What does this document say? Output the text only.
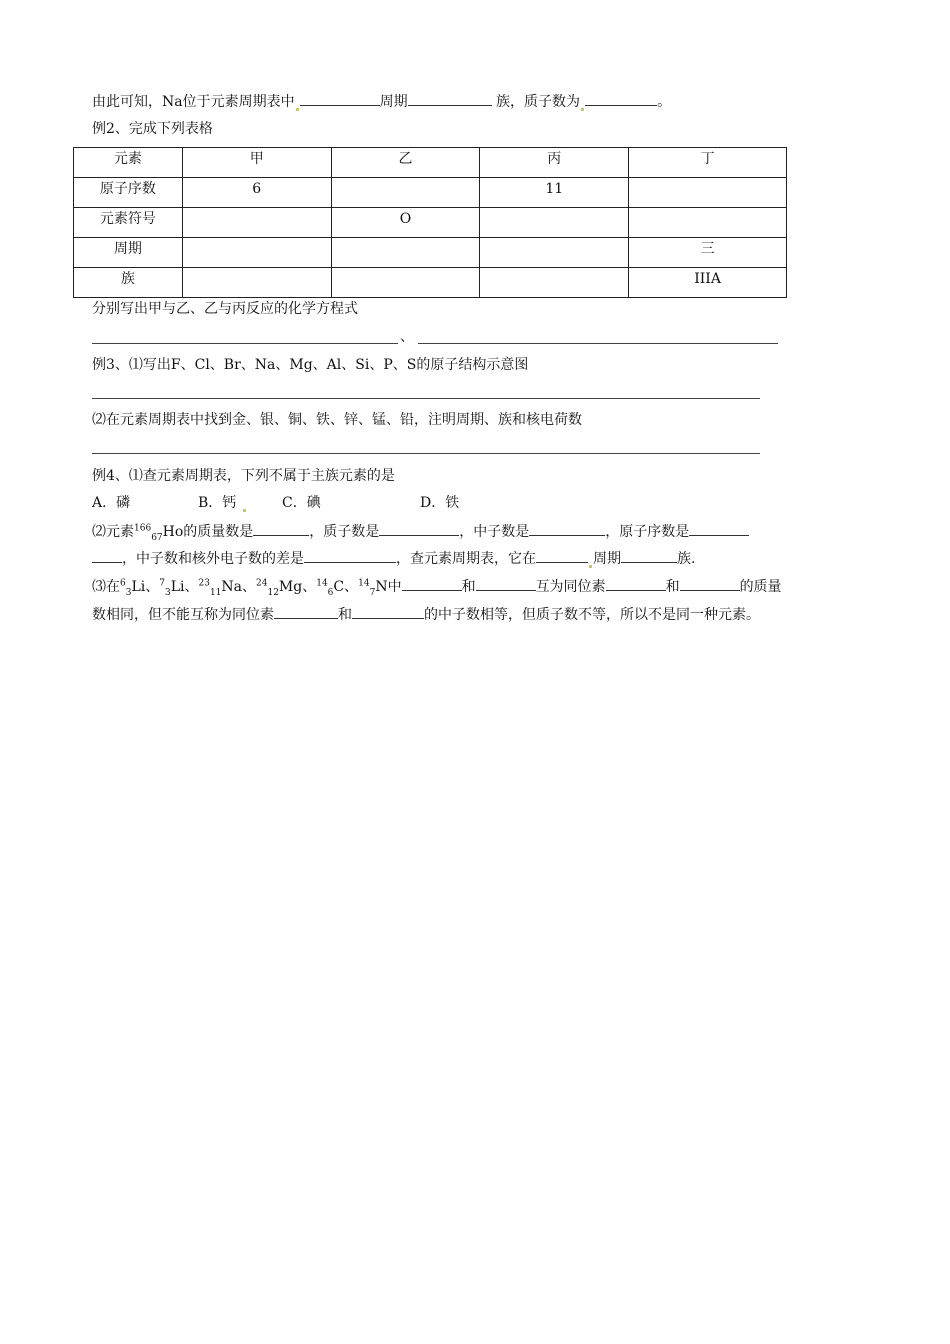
由此可知，Na位于元素周期表中	周期	族，质子数为	。
例2、完成下列表格
元素	甲	乙	丙	丁
原子序数	6		11	
元素符号		O		
周期				三
族				IIIA
分别写出甲与乙、乙与丙反应的化学方程式
、
例3、⑴写出F、Cl、Br、Na、Mg、Al、Si、P、S的原子结构示意图
⑵在元素周期表中找到金、银、铜、铁、锌、锰、铅，注明周期、族和核电荷数
例4、⑴查元素周期表，下列不属于主族元素的是
A．磷	B．钙	C．碘	D．铁
⑵元素$^{166}_{67}$Ho的质量数是	，质子数是	，中子数是	，原子序数是
，中子数和核外电子数的差是	，查元素周期表，它在	周期	族.
⑶在$^6_3$Li、$^7_3$Li、$^{23}_{11}$Na、$^{24}_{12}$Mg、$^{14}_6$C、$^{14}_7$N中	和	互为同位素	和	的质量
数相同，但不能互称为同位素	和	的中子数相等，但质子数不等，所以不是同一种元素。
